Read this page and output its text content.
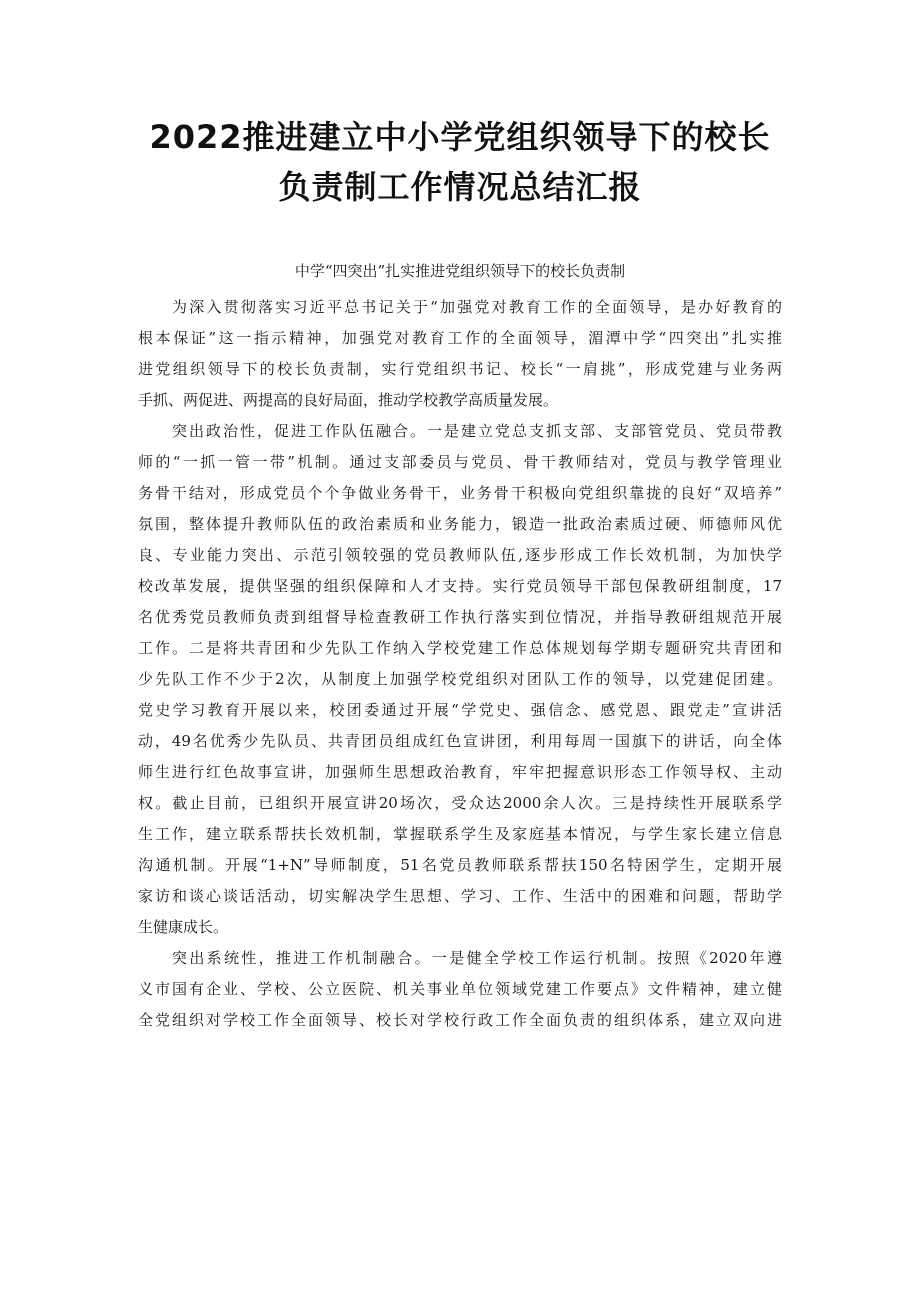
2022推进建立中小学党组织领导下的校长
负责制工作情况总结汇报
中学“四突出”扎实推进党组织领导下的校长负责制
为深入贯彻落实习近平总书记关于“加强党对教育工作的全面领导，是办好教育的
根本保证”这一指示精神，加强党对教育工作的全面领导，湄潭中学“四突出”扎实推
进党组织领导下的校长负责制，实行党组织书记、校长“一肩挑”，形成党建与业务两
手抓、两促进、两提高的良好局面，推动学校教学高质量发展。
突出政治性，促进工作队伍融合。一是建立党总支抓支部、支部管党员、党员带教
师的“一抓一管一带”机制。通过支部委员与党员、骨干教师结对，党员与教学管理业
务骨干结对，形成党员个个争做业务骨干，业务骨干积极向党组织靠拢的良好“双培养”
氛围，整体提升教师队伍的政治素质和业务能力，锻造一批政治素质过硬、师德师风优
良、专业能力突出、示范引领较强的党员教师队伍,逐步形成工作长效机制，为加快学
校改革发展，提供坚强的组织保障和人才支持。实行党员领导干部包保教研组制度，17
名优秀党员教师负责到组督导检查教研工作执行落实到位情况，并指导教研组规范开展
工作。二是将共青团和少先队工作纳入学校党建工作总体规划每学期专题研究共青团和
少先队工作不少于2次，从制度上加强学校党组织对团队工作的领导，以党建促团建。
党史学习教育开展以来，校团委通过开展“学党史、强信念、感党恩、跟党走”宣讲活
动，49名优秀少先队员、共青团员组成红色宣讲团，利用每周一国旗下的讲话，向全体
师生进行红色故事宣讲，加强师生思想政治教育，牢牢把握意识形态工作领导权、主动
权。截止目前，已组织开展宣讲20场次，受众达2000余人次。三是持续性开展联系学
生工作，建立联系帮扶长效机制，掌握联系学生及家庭基本情况，与学生家长建立信息
沟通机制。开展“1+N”导师制度，51名党员教师联系帮扶150名特困学生，定期开展
家访和谈心谈话活动，切实解决学生思想、学习、工作、生活中的困难和问题，帮助学
生健康成长。
突出系统性，推进工作机制融合。一是健全学校工作运行机制。按照《2020年遵
义市国有企业、学校、公立医院、机关事业单位领域党建工作要点》文件精神，建立健
全党组织对学校工作全面领导、校长对学校行政工作全面负责的组织体系，建立双向进
